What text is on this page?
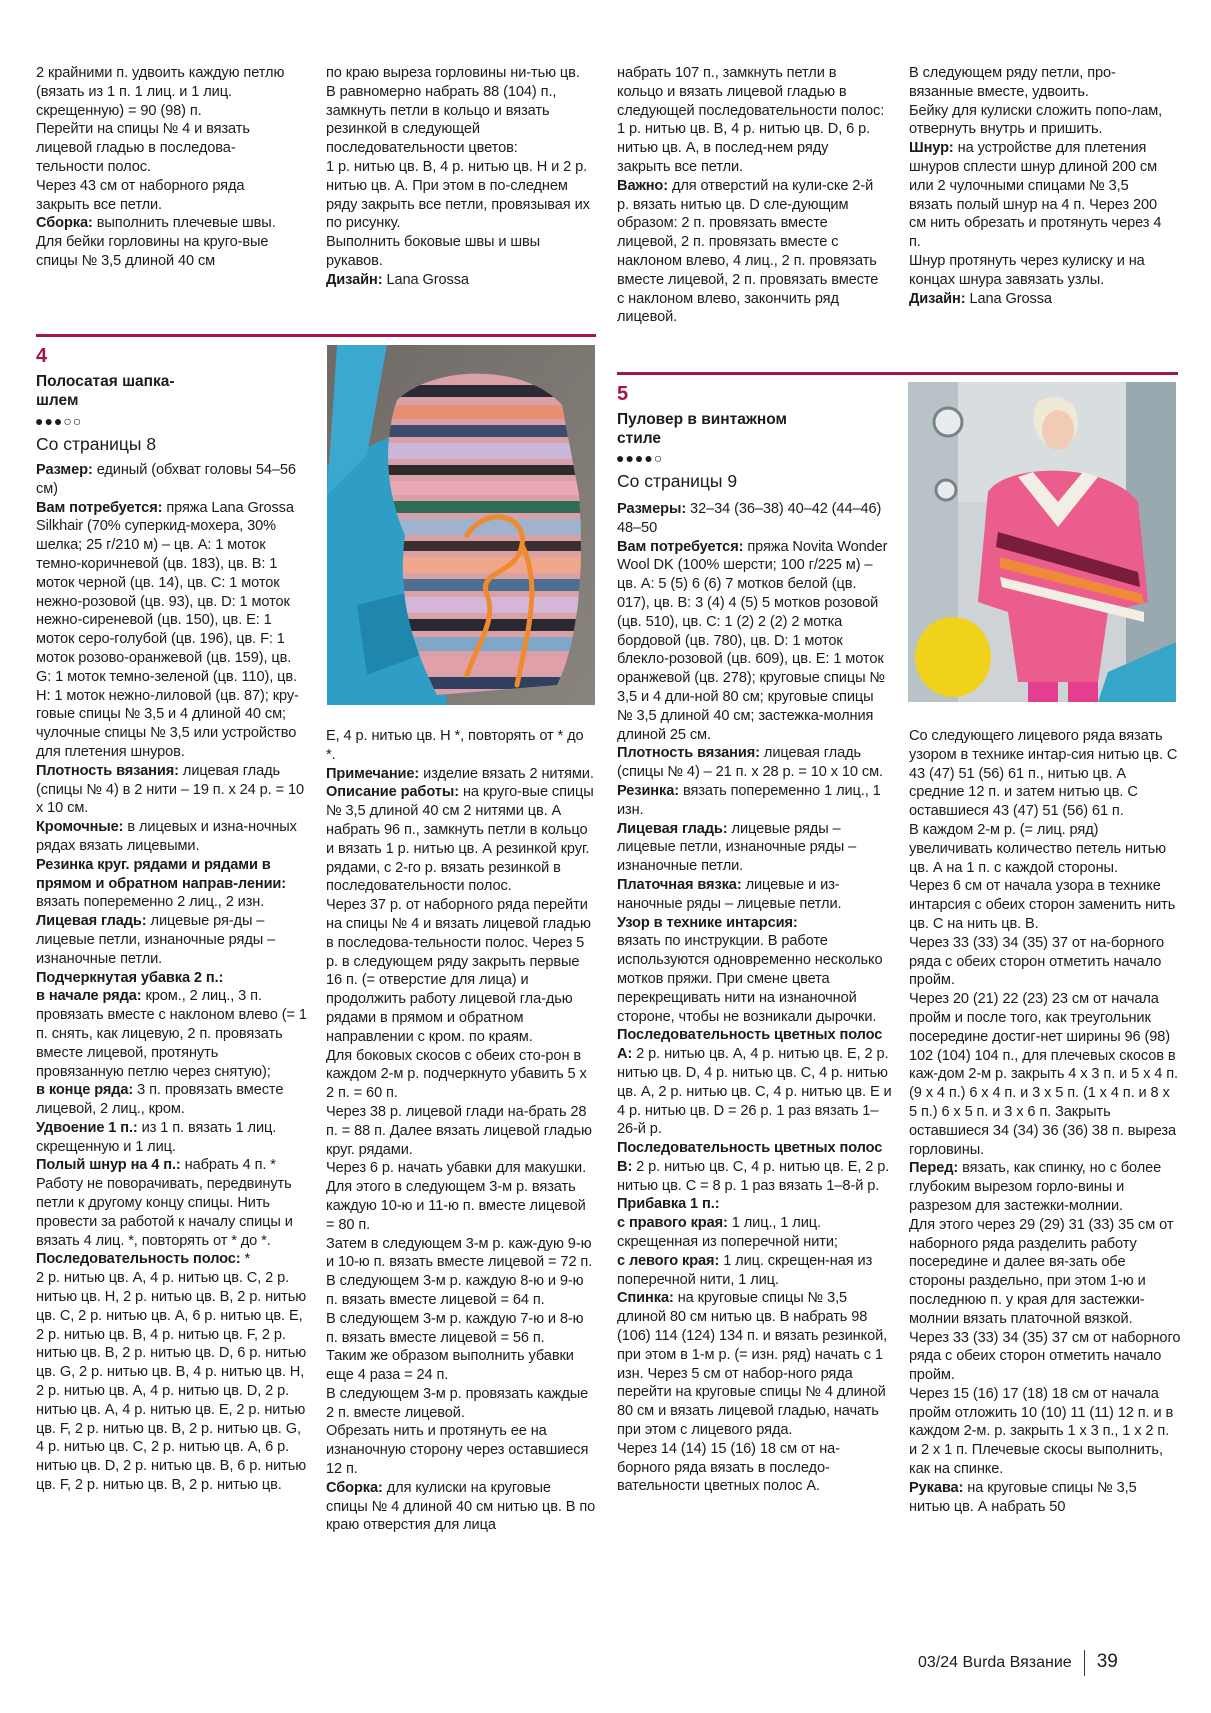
2 крайними п. удвоить каждую петлю (вязать из 1 п. 1 лиц. и 1 лиц. скрещенную) = 90 (98) п.

Перейти на спицы № 4 и вязать лицевой гладью в последова-тельности полос.

Через 43 см от наборного ряда закрыть все петли.

Сборка: выполнить плечевые швы.

Для бейки горловины на круго-вые спицы № 3,5 длиной 40 см

по краю выреза горловины ни-тью цв. В равномерно набрать 88 (104) п., замкнуть петли в кольцо и вязать резинкой в следующей последовательности цветов:

1 р. нитью цв. В, 4 р. нитью цв. Н и 2 р. нитью цв. А. При этом в по-следнем ряду закрыть все петли, провязывая их по рисунку.

Выполнить боковые швы и швы рукавов.

Дизайн: Lana Grossa

набрать 107 п., замкнуть петли в кольцо и вязать лицевой гладью в следующей последовательности полос: 1 р. нитью цв. В, 4 р. нитью цв. D, 6 р. нитью цв. А, в послед-нем ряду закрыть все петли.

Важно: для отверстий на кули-ске 2-й р. вязать нитью цв. D сле-дующим образом: 2 п. провязать вместе лицевой, 2 п. провязать вместе с наклоном влево, 4 лиц., 2 п. провязать вместе лицевой, 2 п. провязать вместе с наклоном влево, закончить ряд лицевой.

В следующем ряду петли, про-вязанные вместе, удвоить.

Бейку для кулиски сложить попо-лам, отвернуть внутрь и пришить.

Шнур: на устройстве для плетения шнуров сплести шнур длиной 200 см или 2 чулочными спицами № 3,5 вязать полый шнур на 4 п. Через 200 см нить обрезать и протянуть через 4 п.

Шнур протянуть через кулиску и на концах шнура завязать узлы.

Дизайн: Lana Grossa

4
Полосатая шапка-шлем
●●●○○
Со страницы 8

Размер: единый (обхват головы 54–56 см)

Вам потребуется: пряжа Lana Grossa Silkhair (70% суперкид-мохера, 30% шелка; 25 г/210 м) – цв. А: 1 моток темно-коричневой (цв. 183), цв. В: 1 моток черной (цв. 14), цв. С: 1 моток нежно-розовой (цв. 93), цв. D: 1 моток нежно-сиреневой (цв. 150), цв. Е: 1 моток серо-голубой (цв. 196), цв. F: 1 моток розово-оранжевой (цв. 159), цв. G: 1 моток темно-зеленой (цв. 110), цв. Н: 1 моток нежно-лиловой (цв. 87); кру-говые спицы № 3,5 и 4 длиной 40 см; чулочные спицы № 3,5 или устройство для плетения шнуров.

Плотность вязания: лицевая гладь (спицы № 4) в 2 нити – 19 п. х 24 р. = 10 х 10 см.

Кромочные: в лицевых и изна-ночных рядах вязать лицевыми.

Резинка круг. рядами и рядами в прямом и обратном направ-лении: вязать попеременно 2 лиц., 2 изн.

Лицевая гладь: лицевые ря-ды – лицевые петли, изнаночные ряды – изнаночные петли.

Подчеркнутая убавка 2 п.:

в начале ряда: кром., 2 лиц., 3 п. провязать вместе с наклоном влево (= 1 п. снять, как лицевую, 2 п. провязать вместе лицевой, протянуть провязанную петлю через снятую);

в конце ряда: 3 п. провязать вместе лицевой, 2 лиц., кром.

Удвоение 1 п.: из 1 п. вязать 1 лиц. скрещенную и 1 лиц.

Полый шнур на 4 п.: набрать 4 п. * Работу не поворачивать, передвинуть петли к другому концу спицы. Нить провести за работой к началу спицы и вязать 4 лиц. *, повторять от * до *.

Последовательность полос: *

2 р. нитью цв. А, 4 р. нитью цв. С, 2 р. нитью цв. Н, 2 р. нитью цв. В, 2 р. нитью цв. С, 2 р. нитью цв. А, 6 р. нитью цв. Е, 2 р. нитью цв. В, 4 р. нитью цв. F, 2 р. нитью цв. В, 2 р. нитью цв. D, 6 р. нитью цв. G, 2 р. нитью цв. В, 4 р. нитью цв. Н, 2 р. нитью цв. А, 4 р. нитью цв. D, 2 р. нитью цв. А, 4 р. нитью цв. Е, 2 р. нитью цв. F, 2 р. нитью цв. В, 2 р. нитью цв. G, 4 р. нитью цв. С, 2 р. нитью цв. А, 6 р. нитью цв. D, 2 р. нитью цв. В, 6 р. нитью цв. F, 2 р. нитью цв. В, 2 р. нитью цв.

Е, 4 р. нитью цв. Н *, повторять от * до *.

Примечание: изделие вязать 2 нитями.

Описание работы: на круго-вые спицы № 3,5 длиной 40 см 2 нитями цв. А набрать 96 п., замкнуть петли в кольцо и вязать 1 р. нитью цв. А резинкой круг. рядами, с 2-го р. вязать резинкой в последовательности полос.

Через 37 р. от наборного ряда перейти на спицы № 4 и вязать лицевой гладью в последова-тельности полос. Через 5 р. в следующем ряду закрыть первые 16 п. (= отверстие для лица) и продолжить работу лицевой гла-дью рядами в прямом и обратном направлении с кром. по краям.

Для боковых скосов с обеих сто-рон в каждом 2-м р. подчеркнуто убавить 5 х 2 п. = 60 п.

Через 38 р. лицевой глади на-брать 28 п. = 88 п. Далее вязать лицевой гладью круг. рядами.

Через 6 р. начать убавки для макушки. Для этого в следующем 3-м р. вязать каждую 10-ю и 11-ю п. вместе лицевой = 80 п.

Затем в следующем 3-м р. каж-дую 9-ю и 10-ю п. вязать вместе лицевой = 72 п.

В следующем 3-м р. каждую 8-ю и 9-ю п. вязать вместе лицевой = 64 п.

В следующем 3-м р. каждую 7-ю и 8-ю п. вязать вместе лицевой = 56 п.

Таким же образом выполнить убавки еще 4 раза = 24 п.

В следующем 3-м р. провязать каждые 2 п. вместе лицевой.

Обрезать нить и протянуть ее на изнаночную сторону через оставшиеся 12 п.

Сборка: для кулиски на круговые спицы № 4 длиной 40 см нитью цв. В по краю отверстия для лица

5
Пуловер в винтажном стиле
●●●●○
Со страницы 9

Размеры: 32–34 (36–38) 40–42 (44–46) 48–50

Вам потребуется: пряжа Novita Wonder Wool DK (100% шерсти; 100 г/225 м) – цв. А: 5 (5) 6 (6) 7 мотков белой (цв. 017), цв. В: 3 (4) 4 (5) 5 мотков розовой (цв. 510), цв. С: 1 (2) 2 (2) 2 мотка бордовой (цв. 780), цв. D: 1 моток блекло-розовой (цв. 609), цв. Е: 1 моток оранжевой (цв. 278); круговые спицы № 3,5 и 4 дли-ной 80 см; круговые спицы № 3,5 длиной 40 см; застежка-молния длиной 25 см.

Плотность вязания: лицевая гладь (спицы № 4) – 21 п. х 28 р. = 10 х 10 см.

Резинка: вязать попеременно 1 лиц., 1 изн.

Лицевая гладь: лицевые ряды – лицевые петли, изнаночные ряды – изнаночные петли.

Платочная вязка: лицевые и из-наночные ряды – лицевые петли.

Узор в технике интарсия:

вязать по инструкции. В работе используются одновременно несколько мотков пряжи. При смене цвета перекрещивать нити на изнаночной стороне, чтобы не возникали дырочки.

Последовательность цветных полос А: 2 р. нитью цв. А, 4 р. нитью цв. Е, 2 р. нитью цв. D, 4 р. нитью цв. С, 4 р. нитью цв. А, 2 р. нитью цв. С, 4 р. нитью цв. Е и 4 р. нитью цв. D = 26 р. 1 раз вязать 1–26-й р.

Последовательность цветных полос В: 2 р. нитью цв. С, 4 р. нитью цв. Е, 2 р. нитью цв. С = 8 р. 1 раз вязать 1–8-й р.

Прибавка 1 п.:

с правого края: 1 лиц., 1 лиц. скрещенная из поперечной нити;

с левого края: 1 лиц. скрещен-ная из поперечной нити, 1 лиц.

Спинка: на круговые спицы № 3,5 длиной 80 см нитью цв. В набрать 98 (106) 114 (124) 134 п. и вязать резинкой, при этом в 1-м р. (= изн. ряд) начать с 1 изн. Через 5 см от набор-ного ряда перейти на круговые спицы № 4 длиной 80 см и вязать лицевой гладью, начать при этом с лицевого ряда.

Через 14 (14) 15 (16) 18 см от на-борного ряда вязать в последо-вательности цветных полос А.

Со следующего лицевого ряда вязать узором в технике интар-сия нитью цв. С 43 (47) 51 (56) 61 п., нитью цв. А средние 12 п. и затем нитью цв. С оставшиеся 43 (47) 51 (56) 61 п.

В каждом 2-м р. (= лиц. ряд) увеличивать количество петель нитью цв. А на 1 п. с каждой стороны.

Через 6 см от начала узора в технике интарсия с обеих сторон заменить нить цв. С на нить цв. В.

Через 33 (33) 34 (35) 37 от на-борного ряда с обеих сторон отметить начало пройм.

Через 20 (21) 22 (23) 23 см от начала пройм и после того, как треугольник посередине достиг-нет ширины 96 (98) 102 (104) 104 п., для плечевых скосов в каж-дом 2-м р. закрыть 4 х 3 п. и 5 х 4 п. (9 х 4 п.) 6 х 4 п. и 3 х 5 п. (1 х 4 п. и 8 х 5 п.) 6 х 5 п. и 3 х 6 п. Закрыть оставшиеся 34 (34) 36 (36) 38 п. выреза горловины.

Перед: вязать, как спинку, но с более глубоким вырезом горло-вины и разрезом для застежки-молнии.

Для этого через 29 (29) 31 (33) 35 см от наборного ряда разделить работу посередине и далее вя-зать обе стороны раздельно, при этом 1-ю и последнюю п. у края для застежки-молнии вязать платочной вязкой.

Через 33 (33) 34 (35) 37 см от наборного ряда с обеих сторон отметить начало пройм.

Через 15 (16) 17 (18) 18 см от начала пройм отложить 10 (10) 11 (11) 12 п. и в каждом 2-м. р. закрыть 1 х 3 п., 1 х 2 п. и 2 х 1 п. Плечевые скосы выполнить, как на спинке.

Рукава: на круговые спицы № 3,5 нитью цв. А набрать 50

03/24 Burda Вязание 39
